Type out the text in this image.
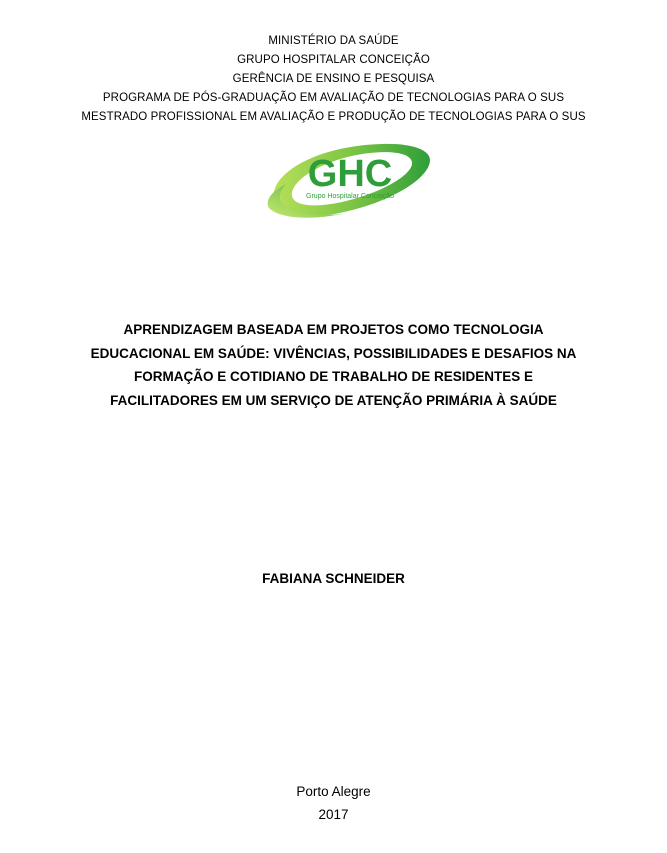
MINISTÉRIO DA SAÚDE
GRUPO HOSPITALAR CONCEIÇÃO
GERÊNCIA DE ENSINO E PESQUISA
PROGRAMA DE PÓS-GRADUAÇÃO EM AVALIAÇÃO DE TECNOLOGIAS PARA O SUS
MESTRADO PROFISSIONAL EM AVALIAÇÃO E PRODUÇÃO DE TECNOLOGIAS PARA O SUS
GHC
Grupo Hospitalar Conceição
APRENDIZAGEM BASEADA EM PROJETOS COMO TECNOLOGIA
EDUCACIONAL EM SAÚDE: VIVÊNCIAS, POSSIBILIDADES E DESAFIOS NA
FORMAÇÃO E COTIDIANO DE TRABALHO DE RESIDENTES E
FACILITADORES EM UM SERVIÇO DE ATENÇÃO PRIMÁRIA À SAÚDE
FABIANA SCHNEIDER
Porto Alegre
2017
